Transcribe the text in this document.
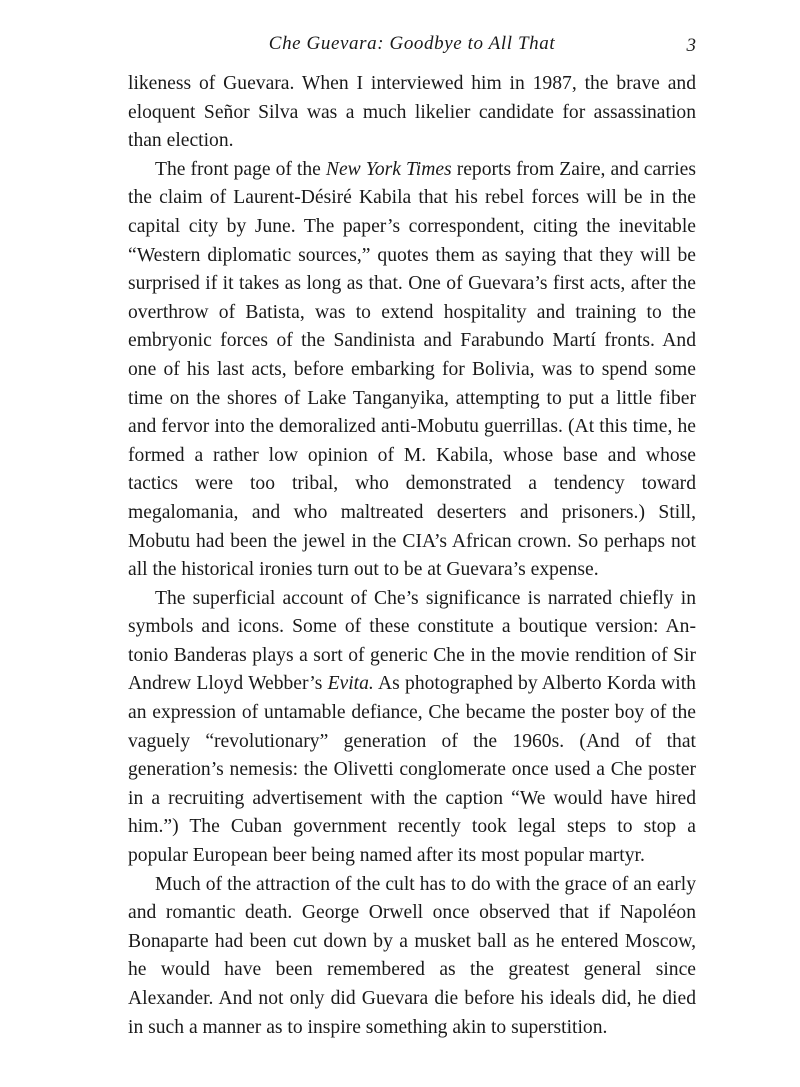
Che Guevara: Goodbye to All That	3

likeness of Guevara. When I interviewed him in 1987, the brave and eloquent Señor Silva was a much likelier candidate for assassination than election.

The front page of the New York Times reports from Zaire, and carries the claim of Laurent-Désiré Kabila that his rebel forces will be in the capital city by June. The paper’s correspondent, citing the inevitable “Western diplomatic sources,” quotes them as saying that they will be surprised if it takes as long as that. One of Guevara’s first acts, after the overthrow of Batista, was to extend hospitality and training to the embryonic forces of the Sandinista and Farabundo Martí fronts. And one of his last acts, before embarking for Bolivia, was to spend some time on the shores of Lake Tanganyika, attempting to put a little fiber and fervor into the demoralized anti-Mobutu guerrillas. (At this time, he formed a rather low opinion of M. Kabila, whose base and whose tactics were too tribal, who demonstrated a tendency toward megalomania, and who maltreated deserters and prisoners.) Still, Mobutu had been the jewel in the CIA’s African crown. So perhaps not all the historical ironies turn out to be at Guevara’s expense.

The superficial account of Che’s significance is narrated chiefly in symbols and icons. Some of these constitute a boutique version: Antonio Banderas plays a sort of generic Che in the movie rendition of Sir Andrew Lloyd Webber’s Evita. As photographed by Alberto Korda with an expression of untamable defiance, Che became the poster boy of the vaguely “revolutionary” generation of the 1960s. (And of that generation’s nemesis: the Olivetti conglomerate once used a Che poster in a recruiting advertisement with the caption “We would have hired him.”) The Cuban government recently took legal steps to stop a popular European beer being named after its most popular martyr.

Much of the attraction of the cult has to do with the grace of an early and romantic death. George Orwell once observed that if Napoléon Bonaparte had been cut down by a musket ball as he entered Moscow, he would have been remembered as the greatest general since Alexander. And not only did Guevara die before his ideals did, he died in such a manner as to inspire something akin to superstition.
